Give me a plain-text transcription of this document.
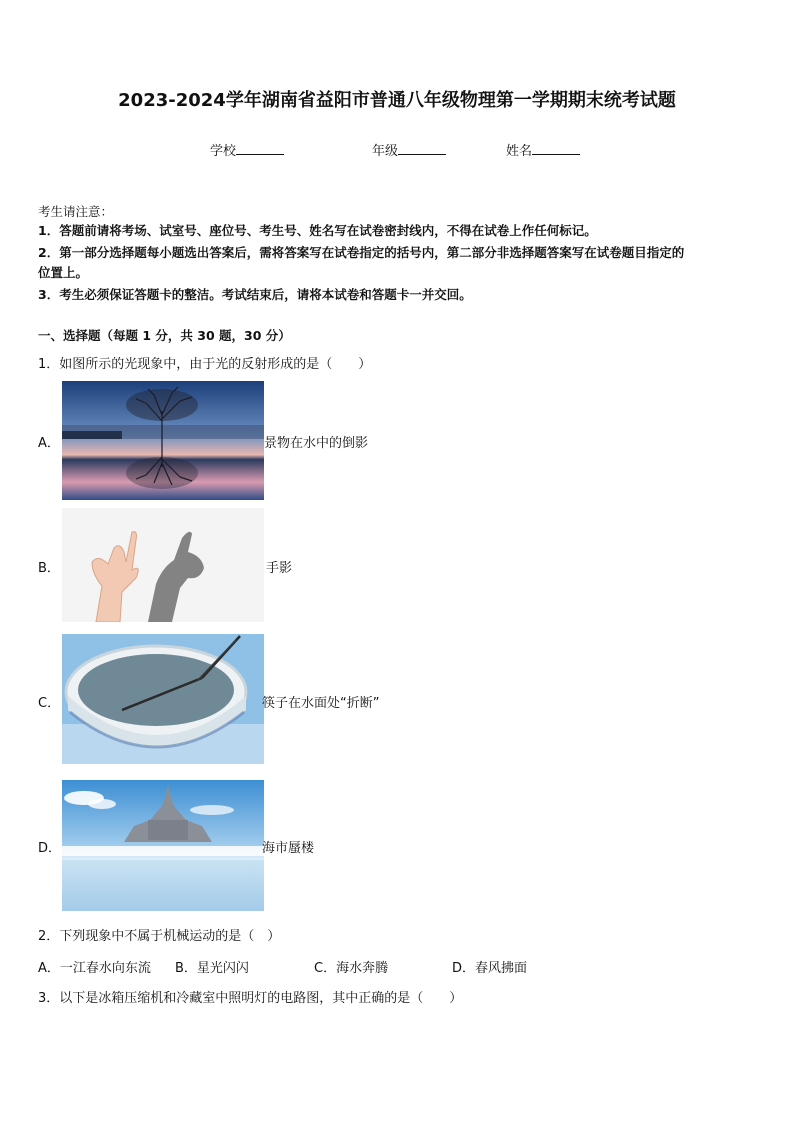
2023-2024学年湖南省益阳市普通八年级物理第一学期期末统考试题
学校	年级	姓名
考生请注意：
1．答题前请将考场、试室号、座位号、考生号、姓名写在试卷密封线内，不得在试卷上作任何标记。
2．第一部分选择题每小题选出答案后，需将答案写在试卷指定的括号内，第二部分非选择题答案写在试卷题目指定的
位置上。
3．考生必须保证答题卡的整洁。考试结束后，请将本试卷和答题卡一并交回。
一、选择题（每题 1 分，共 30 题，30 分）
1．如图所示的光现象中，由于光的反射形成的是（　　）
A．	景物在水中的倒影
B．	手影
C．	筷子在水面处“折断”
D．	海市蜃楼
2．下列现象中不属于机械运动的是（　）
A．一江春水向东流 B．星光闪闪	C．海水奔腾	D．春风拂面
3．以下是冰箱压缩机和冷藏室中照明灯的电路图，其中正确的是（　　）
